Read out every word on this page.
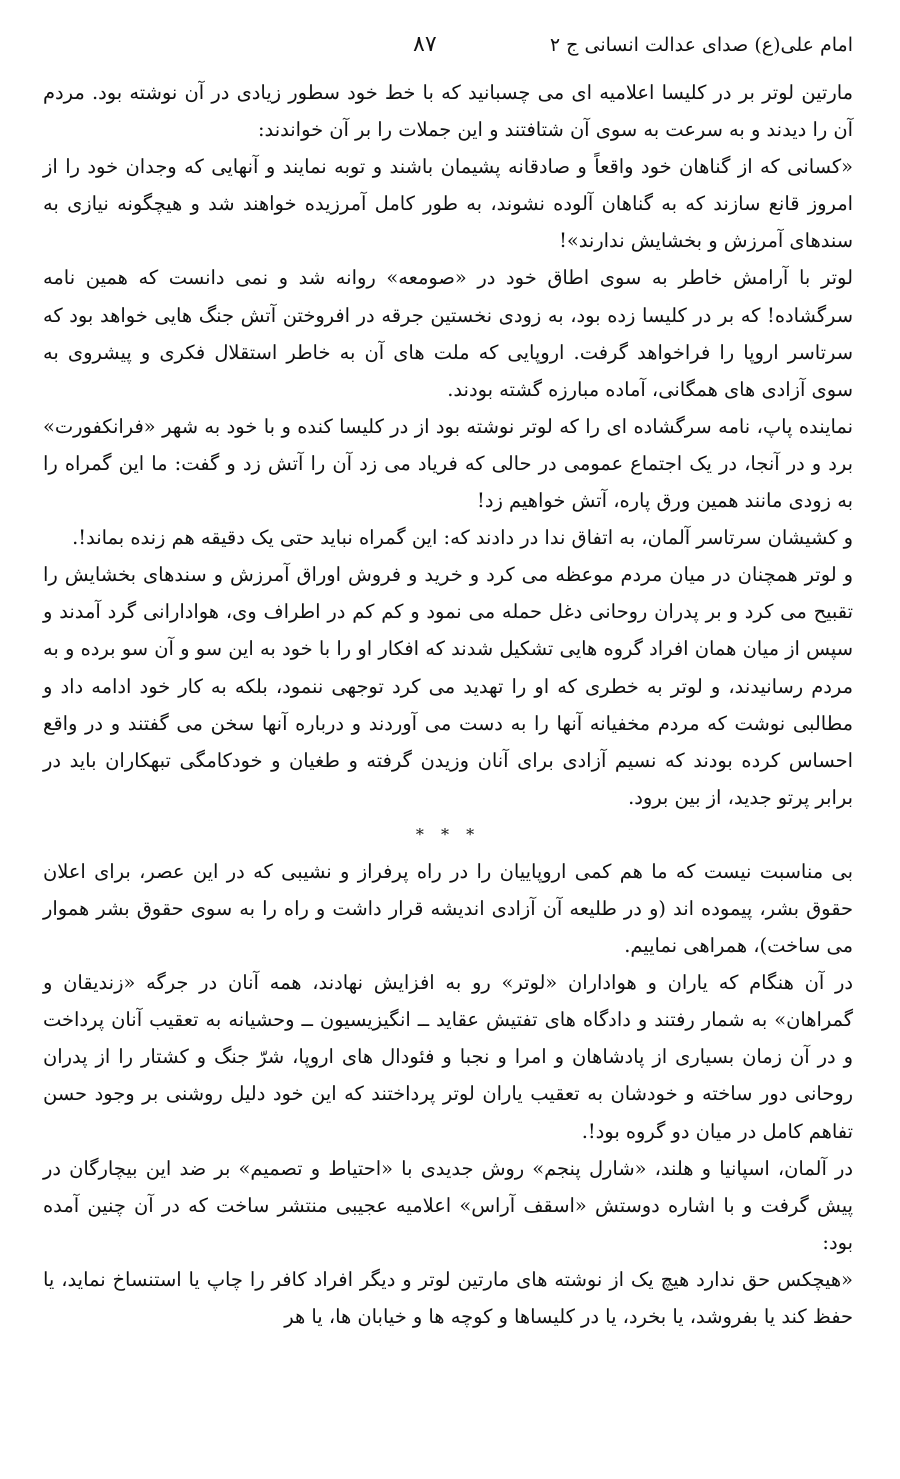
امام علی(ع) صدای عدالت انسانی ج ۲
۸۷

مارتین لوتر بر در کلیسا اعلامیه ای می چسبانید که با خط خود سطور زیادی در آن نوشته بود. مردم آن را دیدند و به سرعت به سوی آن شتافتند و این جملات را بر آن خواندند:

«کسانی که از گناهان خود واقعاً و صادقانه پشیمان باشند و توبه نمایند و آنهایی که وجدان خود را از امروز قانع سازند که به گناهان آلوده نشوند، به طور کامل آمرزیده خواهند شد و هیچگونه نیازی به سندهای آمرزش و بخشایش ندارند»!

لوتر با آرامش خاطر به سوی اطاق خود در «صومعه» روانه شد و نمی دانست که همین نامه سرگشاده! که بر در کلیسا زده بود، به زودی نخستین جرقه در افروختن آتش جنگ هایی خواهد بود که سرتاسر اروپا را فراخواهد گرفت. اروپایی که ملت های آن به خاطر استقلال فکری و پیشروی به سوی آزادی های همگانی، آماده مبارزه گشته بودند.

نماینده پاپ، نامه سرگشاده ای را که لوتر نوشته بود از در کلیسا کنده و با خود به شهر «فرانکفورت» برد و در آنجا، در یک اجتماع عمومی در حالی که فریاد می زد آن را آتش زد و گفت: ما این گمراه را به زودی مانند همین ورق پاره، آتش خواهیم زد!

و کشیشان سرتاسر آلمان، به اتفاق ندا در دادند که: این گمراه نباید حتی یک دقیقه هم زنده بماند!.

و لوتر همچنان در میان مردم موعظه می کرد و خرید و فروش اوراق آمرزش و سندهای بخشایش را تقبیح می کرد و بر پدران روحانی دغل حمله می نمود و کم کم در اطراف وی، هوادارانی گرد آمدند و سپس از میان همان افراد گروه هایی تشکیل شدند که افکار او را با خود به این سو و آن سو برده و به مردم رسانیدند، و لوتر به خطری که او را تهدید می کرد توجهی ننمود، بلکه به کار خود ادامه داد و مطالبی نوشت که مردم مخفیانه آنها را به دست می آوردند و درباره آنها سخن می گفتند و در واقع احساس کرده بودند که نسیم آزادی برای آنان وزیدن گرفته و طغیان و خودکامگی تبهکاران باید در برابر پرتو جدید، از بین برود.

* * *

بی مناسبت نیست که ما هم کمی اروپاییان را در راه پرفراز و نشیبی که در این عصر، برای اعلان حقوق بشر، پیموده اند (و در طلیعه آن آزادی اندیشه قرار داشت و راه را به سوی حقوق بشر هموار می ساخت)، همراهی نماییم.

در آن هنگام که یاران و هواداران «لوتر» رو به افزایش نهادند، همه آنان در جرگه «زندیقان و گمراهان» به شمار رفتند و دادگاه های تفتیش عقاید ــ انگیزیسیون ــ وحشیانه به تعقیب آنان پرداخت و در آن زمان بسیاری از پادشاهان و امرا و نجبا و فئودال های اروپا، شرّ جنگ و کشتار را از پدران روحانی دور ساخته و خودشان به تعقیب یاران لوتر پرداختند که این خود دلیل روشنی بر وجود حسن تفاهم کامل در میان دو گروه بود!.

در آلمان، اسپانیا و هلند، «شارل پنجم» روش جدیدی با «احتیاط و تصمیم» بر ضد این بیچارگان در پیش گرفت و با اشاره دوستش «اسقف آراس» اعلامیه عجیبی منتشر ساخت که در آن چنین آمده بود:

«هیچکس حق ندارد هیچ یک از نوشته های مارتین لوتر و دیگر افراد کافر را چاپ یا استنساخ نماید، یا حفظ کند یا بفروشد، یا بخرد، یا در کلیساها و کوچه ها و خیابان ها، یا هر
